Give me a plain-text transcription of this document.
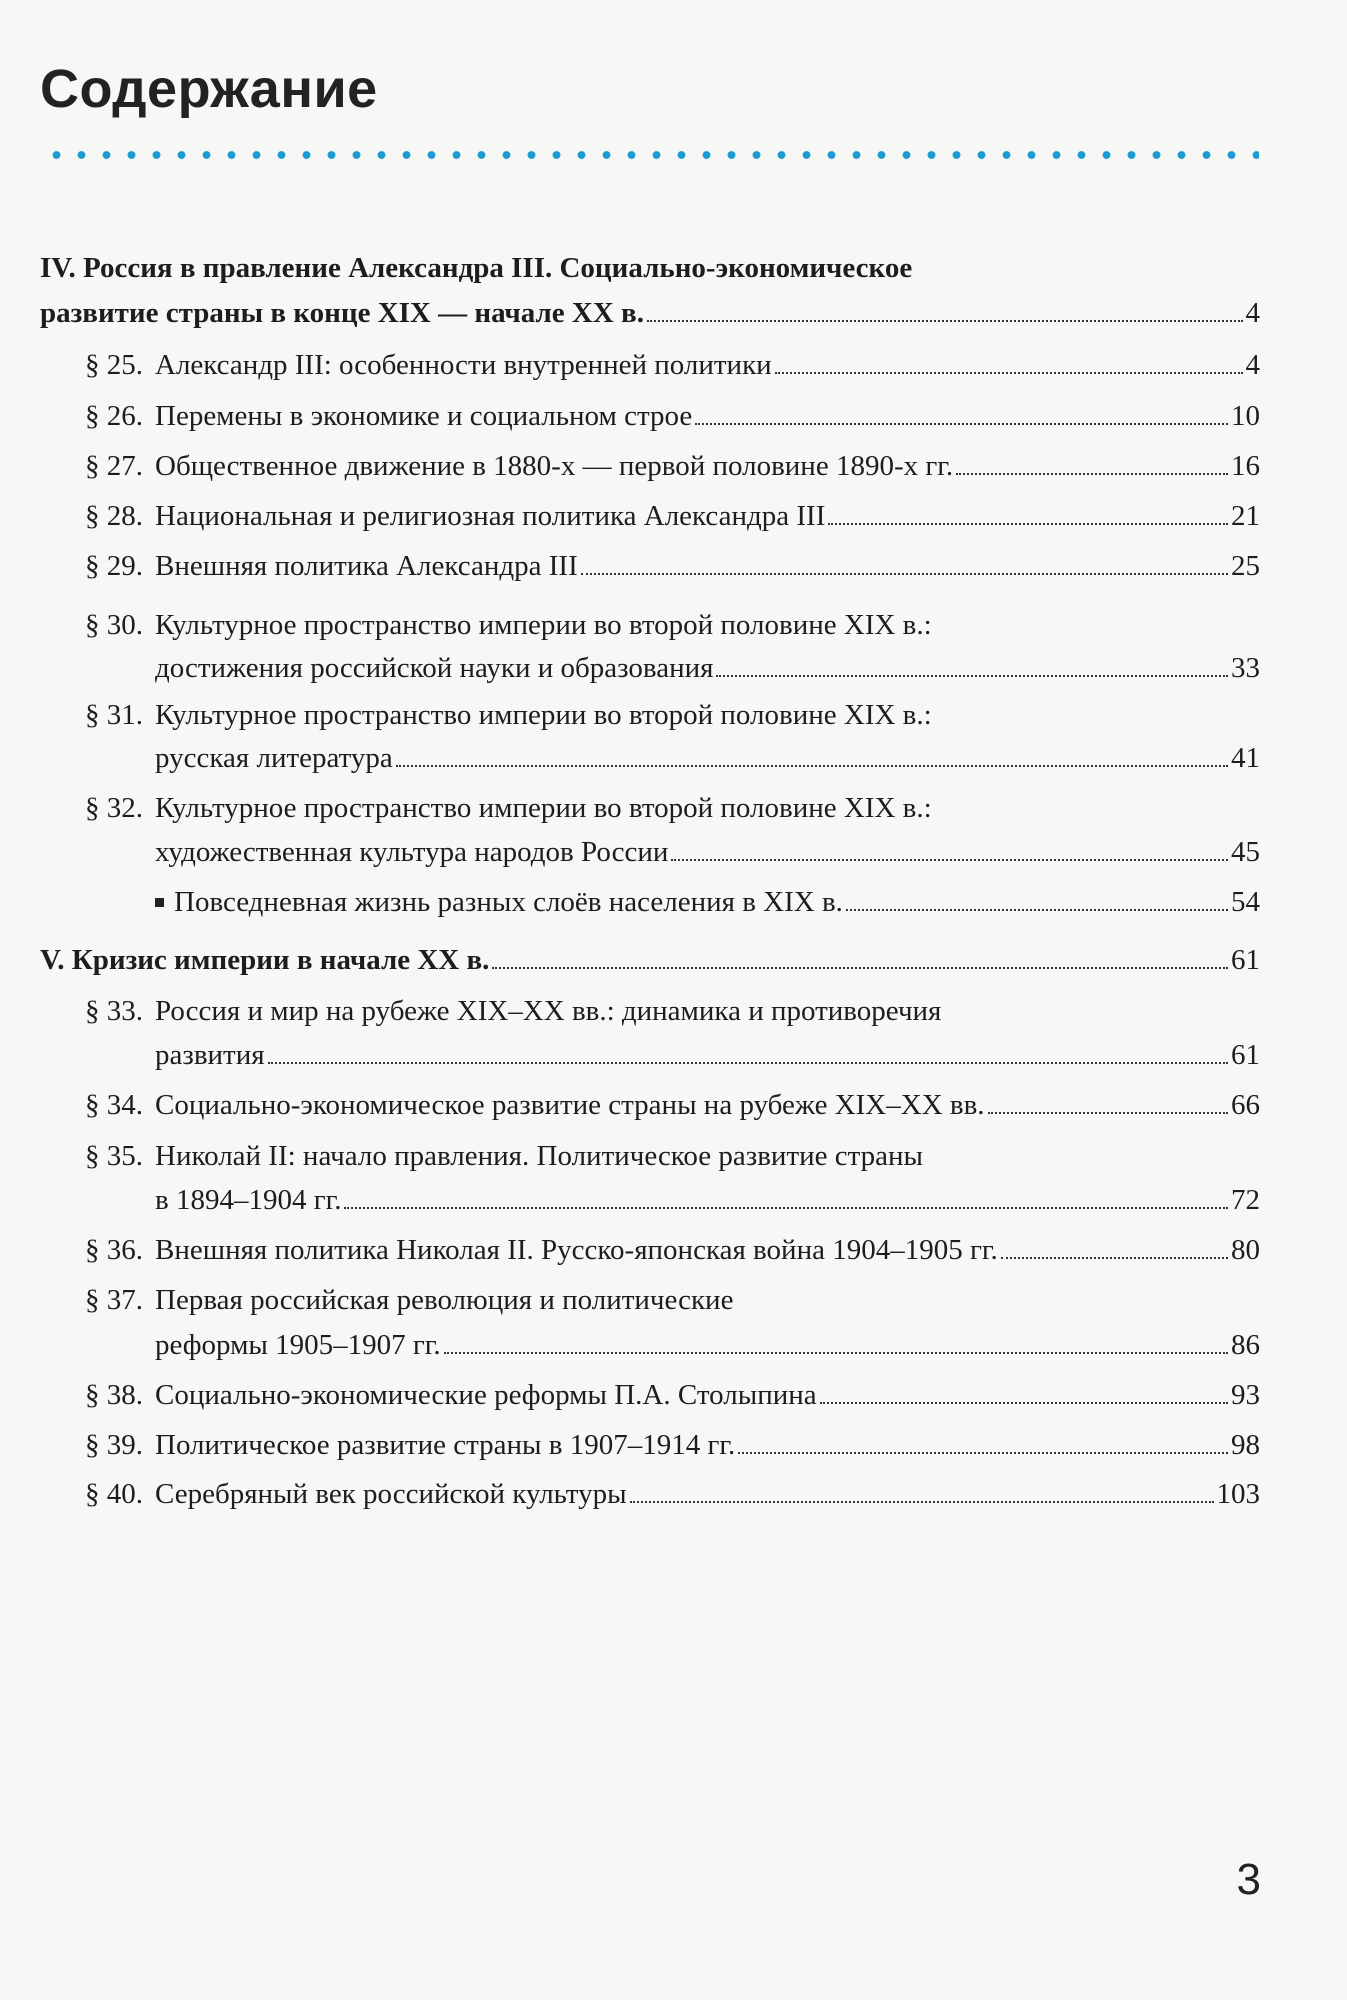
Содержание
IV. Россия в правление Александра III. Социально-экономическое
развитие страны в конце XIX — начале XX в.	4
§ 25. Александр III: особенности внутренней политики	4
§ 26. Перемены в экономике и социальном строе	10
§ 27. Общественное движение в 1880-х — первой половине 1890-х гг.	16
§ 28. Национальная и религиозная политика Александра III	21
§ 29. Внешняя политика Александра III	25
§ 30. Культурное пространство империи во второй половине XIX в.:
достижения российской науки и образования	33
§ 31. Культурное пространство империи во второй половине XIX в.:
русская литература	41
§ 32. Культурное пространство империи во второй половине XIX в.:
художественная культура народов России	45
Повседневная жизнь разных слоёв населения в XIX в.	54
V. Кризис империи в начале XX в.	61
§ 33. Россия и мир на рубеже XIX–XX вв.: динамика и противоречия
развития	61
§ 34. Социально-экономическое развитие страны на рубеже XIX–XX вв.	66
§ 35. Николай II: начало правления. Политическое развитие страны
в 1894–1904 гг.	72
§ 36. Внешняя политика Николая II. Русско-японская война 1904–1905 гг.	80
§ 37. Первая российская революция и политические
реформы 1905–1907 гг.	86
§ 38. Социально-экономические реформы П.А. Столыпина	93
§ 39. Политическое развитие страны в 1907–1914 гг.	98
§ 40. Серебряный век российской культуры	103
3
